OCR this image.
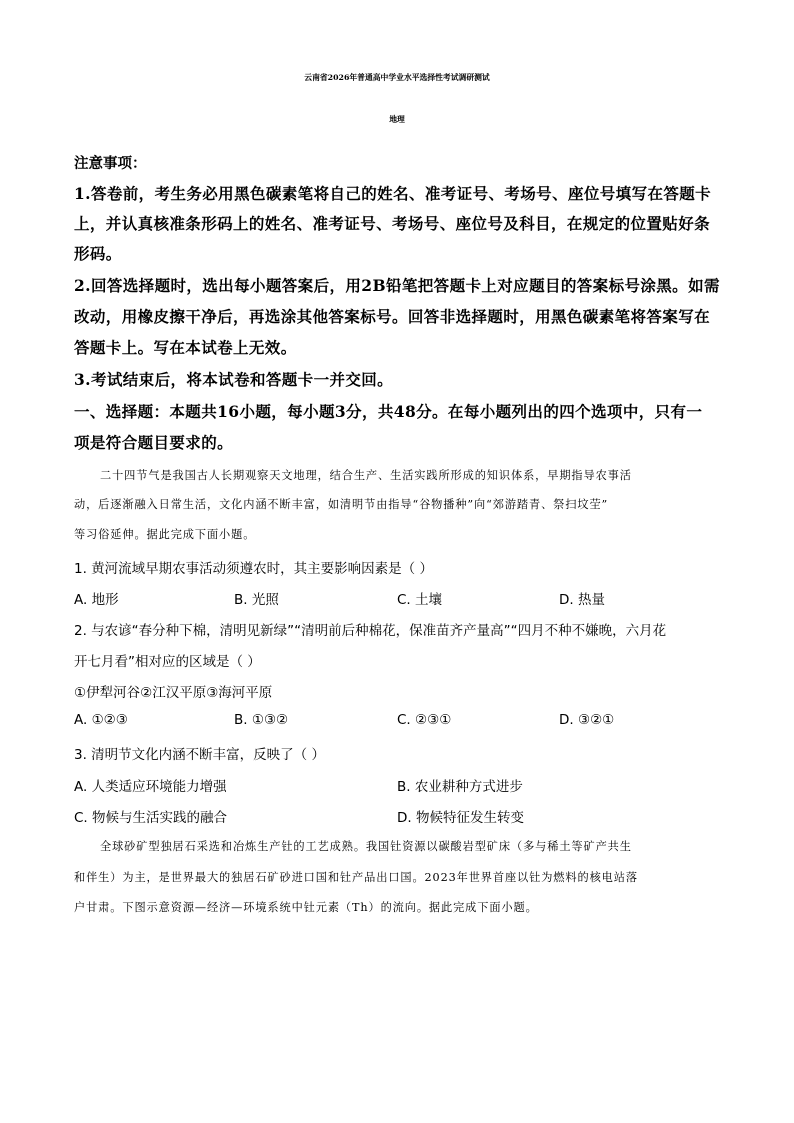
云南省2026年普通高中学业水平选择性考试调研测试
地理
注意事项：
1.答卷前，考生务必用黑色碳素笔将自己的姓名、准考证号、考场号、座位号填写在答题卡
上，并认真核准条形码上的姓名、准考证号、考场号、座位号及科目，在规定的位置贴好条
形码。
2.回答选择题时，选出每小题答案后，用2B铅笔把答题卡上对应题目的答案标号涂黑。如需
改动，用橡皮擦干净后，再选涂其他答案标号。回答非选择题时，用黑色碳素笔将答案写在
答题卡上。写在本试卷上无效。
3.考试结束后，将本试卷和答题卡一并交回。
一、选择题：本题共16小题，每小题3分，共48分。在每小题列出的四个选项中，只有一
项是符合题目要求的。
二十四节气是我国古人长期观察天文地理，结合生产、生活实践所形成的知识体系，早期指导农事活
动，后逐渐融入日常生活，文化内涵不断丰富，如清明节由指导“谷物播种”向“郊游踏青、祭扫坟茔”
等习俗延伸。据此完成下面小题。
1. 黄河流域早期农事活动须遵农时，其主要影响因素是（ ）
A. 地形	B. 光照	C. 土壤	D. 热量
2. 与农谚“春分种下棉，清明见新绿”“清明前后种棉花，保准苗齐产量高”“四月不种不嫌晚，六月花
开七月看”相对应的区域是（ ）
①伊犁河谷②江汉平原③海河平原
A. ①②③	B. ①③②	C. ②③①	D. ③②①
3. 清明节文化内涵不断丰富，反映了（ ）
A. 人类适应环境能力增强	B. 农业耕种方式进步
C. 物候与生活实践的融合	D. 物候特征发生转变
全球砂矿型独居石采选和冶炼生产钍的工艺成熟。我国钍资源以碳酸岩型矿床（多与稀土等矿产共生
和伴生）为主，是世界最大的独居石矿砂进口国和钍产品出口国。2023年世界首座以钍为燃料的核电站落
户甘肃。下图示意资源—经济—环境系统中钍元素（Th）的流向。据此完成下面小题。
